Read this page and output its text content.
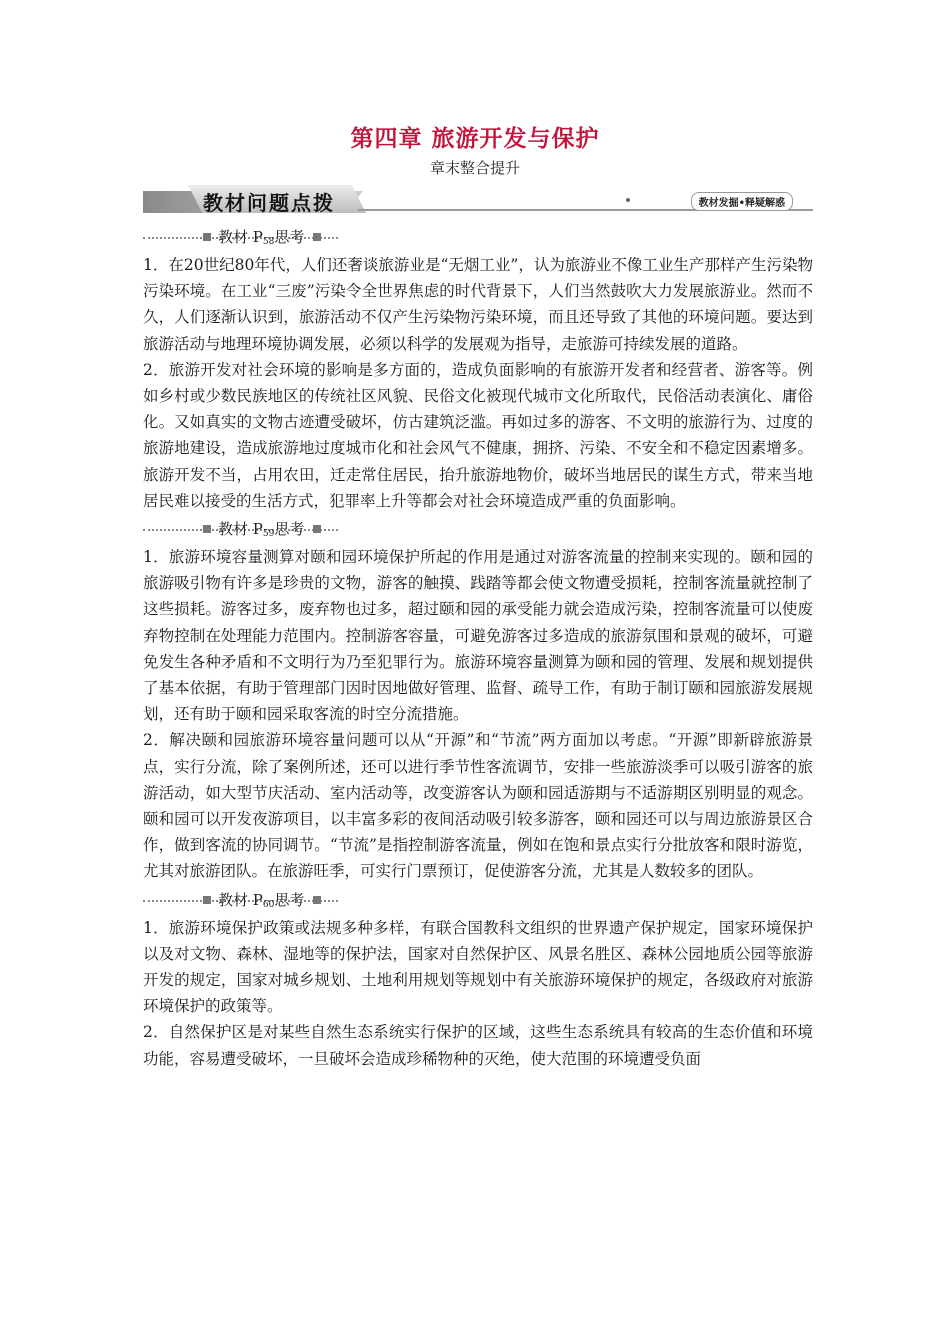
第四章 旅游开发与保护
章末整合提升
教材问题点拨	教材发掘•释疑解惑
教材 $P_{58}$思考

1．在20世纪80年代，人们还奢谈旅游业是“无烟工业”，认为旅游业不像工业生产那样产生污染物污染环境。在工业“三废”污染令全世界焦虑的时代背景下，人们当然鼓吹大力发展旅游业。然而不久，人们逐渐认识到，旅游活动不仅产生污染物污染环境，而且还导致了其他的环境问题。要达到旅游活动与地理环境协调发展，必须以科学的发展观为指导，走旅游可持续发展的道路。

2．旅游开发对社会环境的影响是多方面的，造成负面影响的有旅游开发者和经营者、游客等。例如乡村或少数民族地区的传统社区风貌、民俗文化被现代城市文化所取代，民俗活动表演化、庸俗化。又如真实的文物古迹遭受破坏，仿古建筑泛滥。再如过多的游客、不文明的旅游行为、过度的旅游地建设，造成旅游地过度城市化和社会风气不健康，拥挤、污染、不安全和不稳定因素增多。旅游开发不当，占用农田，迁走常住居民，抬升旅游地物价，破坏当地居民的谋生方式，带来当地居民难以接受的生活方式，犯罪率上升等都会对社会环境造成严重的负面影响。

教材 $P_{59}$思考

1．旅游环境容量测算对颐和园环境保护所起的作用是通过对游客流量的控制来实现的。颐和园的旅游吸引物有许多是珍贵的文物，游客的触摸、践踏等都会使文物遭受损耗，控制客流量就控制了这些损耗。游客过多，废弃物也过多，超过颐和园的承受能力就会造成污染，控制客流量可以使废弃物控制在处理能力范围内。控制游客容量，可避免游客过多造成的旅游氛围和景观的破坏，可避免发生各种矛盾和不文明行为乃至犯罪行为。旅游环境容量测算为颐和园的管理、发展和规划提供了基本依据，有助于管理部门因时因地做好管理、监督、疏导工作，有助于制订颐和园旅游发展规划，还有助于颐和园采取客流的时空分流措施。

2．解决颐和园旅游环境容量问题可以从“开源”和“节流”两方面加以考虑。“开源”即新辟旅游景点，实行分流，除了案例所述，还可以进行季节性客流调节，安排一些旅游淡季可以吸引游客的旅游活动，如大型节庆活动、室内活动等，改变游客认为颐和园适游期与不适游期区别明显的观念。颐和园可以开发夜游项目，以丰富多彩的夜间活动吸引较多游客，颐和园还可以与周边旅游景区合作，做到客流的协同调节。“节流”是指控制游客流量，例如在饱和景点实行分批放客和限时游览，尤其对旅游团队。在旅游旺季，可实行门票预订，促使游客分流，尤其是人数较多的团队。

教材 $P_{60}$思考

1．旅游环境保护政策或法规多种多样，有联合国教科文组织的世界遗产保护规定，国家环境保护以及对文物、森林、湿地等的保护法，国家对自然保护区、风景名胜区、森林公园地质公园等旅游开发的规定，国家对城乡规划、土地利用规划等规划中有关旅游环境保护的规定，各级政府对旅游环境保护的政策等。

2．自然保护区是对某些自然生态系统实行保护的区域，这些生态系统具有较高的生态价值和环境功能，容易遭受破坏，一旦破坏会造成珍稀物种的灭绝，使大范围的环境遭受负面
